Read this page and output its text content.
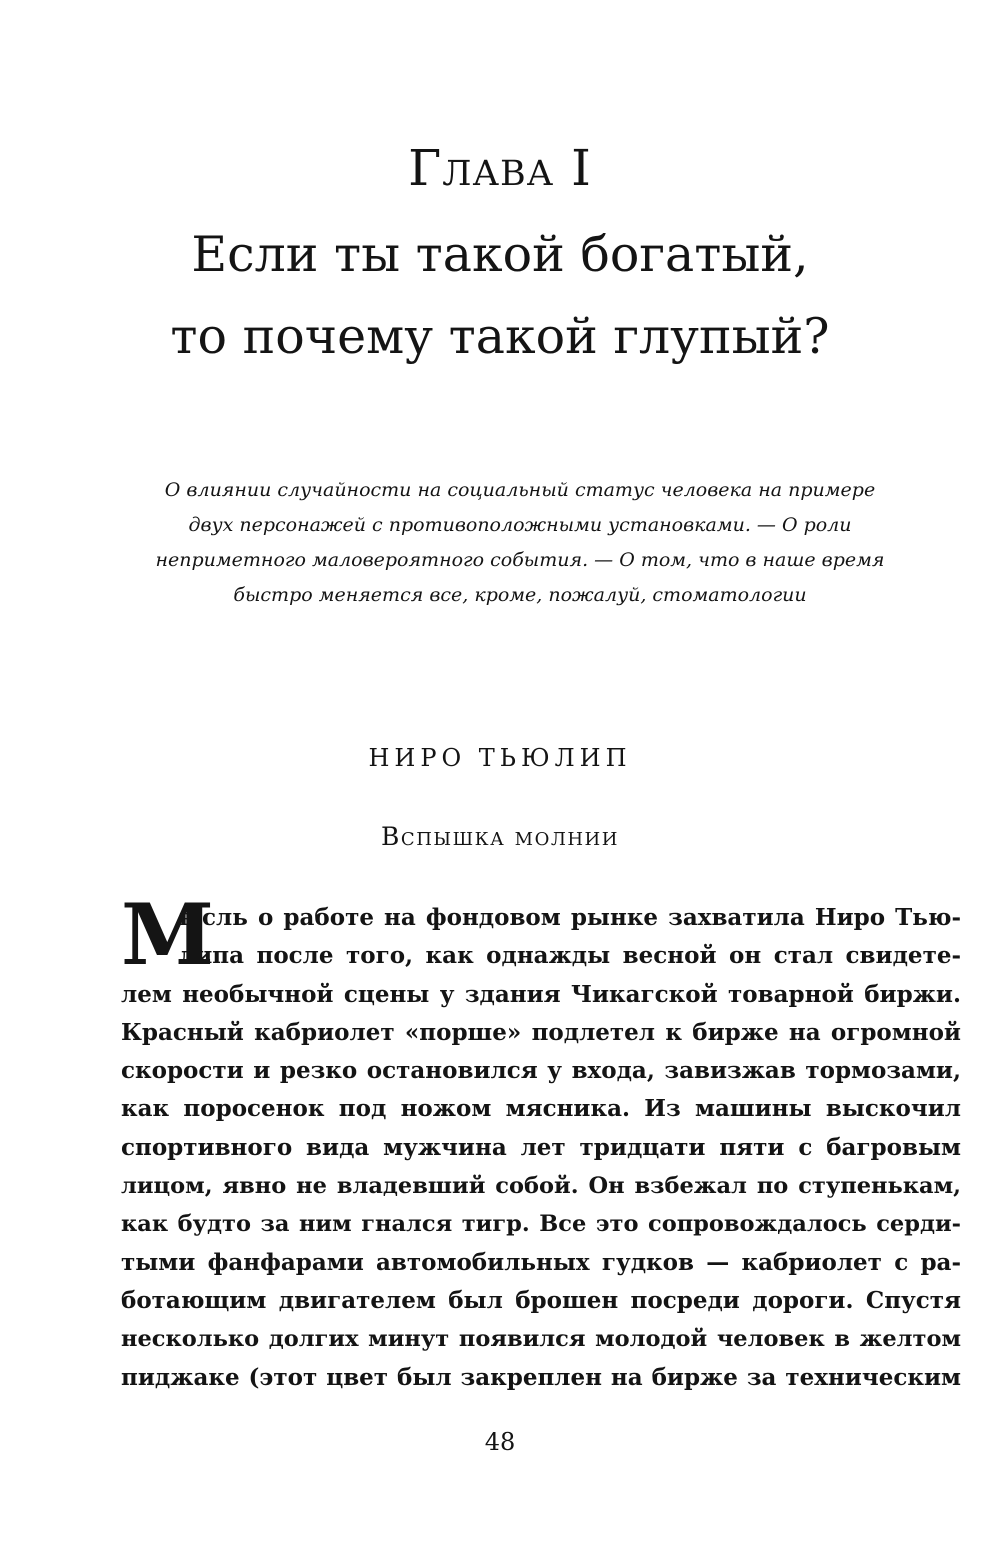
Глава I
Если ты такой богатый,
то почему такой глупый?
О влиянии случайности на социальный статус человека на примере
двух персонажей с противоположными установками. — О роли
неприметного маловероятного события. — О том, что в наше время
быстро меняется все, кроме, пожалуй, стоматологии
НИРО ТЬЮЛИП
Вспышка молнии
М
ысль о работе на фондовом рынке захватила Ниро Тью-
липа после того, как однажды весной он стал свидете-
лем необычной сцены у здания Чикагской товарной биржи.
Красный кабриолет «порше» подлетел к бирже на огромной
скорости и резко остановился у входа, завизжав тормозами,
как поросенок под ножом мясника. Из машины выскочил
спортивного вида мужчина лет тридцати пяти с багровым
лицом, явно не владевший собой. Он взбежал по ступенькам,
как будто за ним гнался тигр. Все это сопровождалось серди-
тыми фанфарами автомобильных гудков — кабриолет с ра-
ботающим двигателем был брошен посреди дороги. Спустя
несколько долгих минут появился молодой человек в желтом
пиджаке (этот цвет был закреплен на бирже за техническим
48
